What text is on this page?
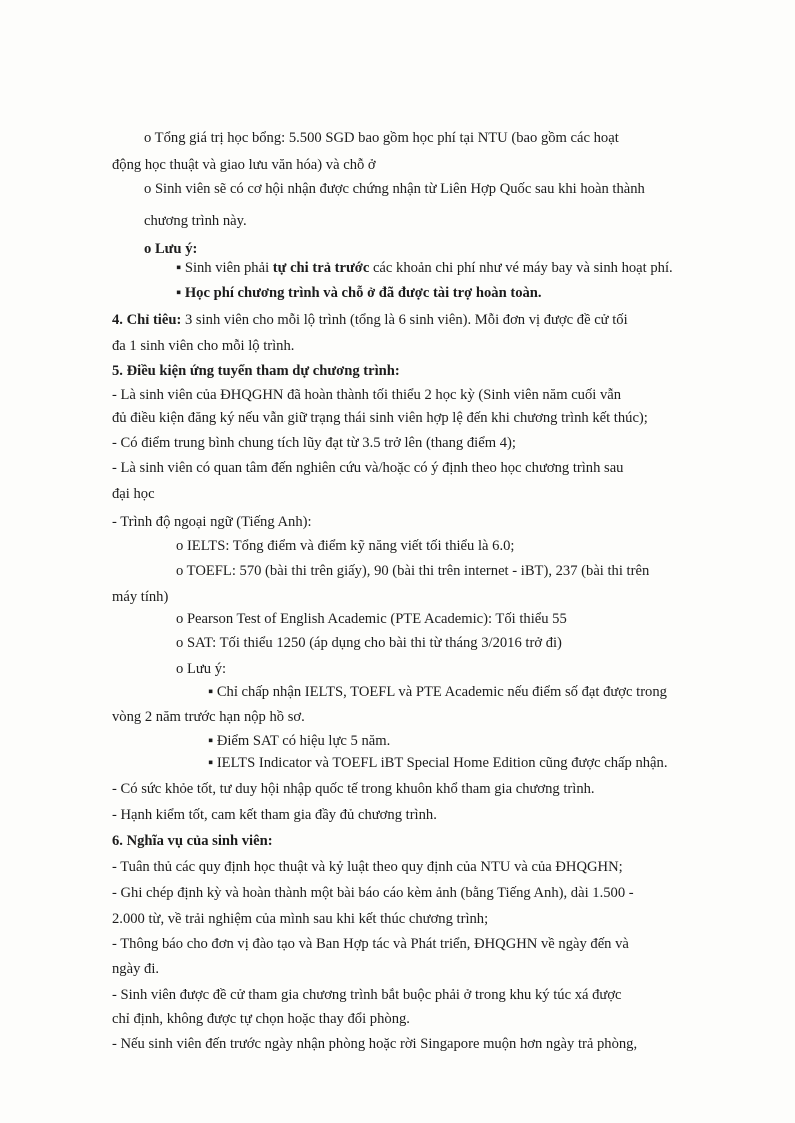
o Tổng giá trị học bổng: 5.500 SGD bao gồm học phí tại NTU (bao gồm các hoạt
động học thuật và giao lưu văn hóa) và chỗ ở
o Sinh viên sẽ có cơ hội nhận được chứng nhận từ Liên Hợp Quốc sau khi hoàn thành
chương trình này.
o Lưu ý:
▪ Sinh viên phải tự chi trả trước các khoản chi phí như vé máy bay và sinh hoạt phí.
▪ Học phí chương trình và chỗ ở đã được tài trợ hoàn toàn.
4. Chỉ tiêu: 3 sinh viên cho mỗi lộ trình (tổng là 6 sinh viên). Mỗi đơn vị được đề cử tối
đa 1 sinh viên cho mỗi lộ trình.
5. Điều kiện ứng tuyển tham dự chương trình:
- Là sinh viên của ĐHQGHN đã hoàn thành tối thiểu 2 học kỳ (Sinh viên năm cuối vẫn
đủ điều kiện đăng ký nếu vẫn giữ trạng thái sinh viên hợp lệ đến khi chương trình kết thúc);
- Có điểm trung bình chung tích lũy đạt từ 3.5 trở lên (thang điểm 4);
- Là sinh viên có quan tâm đến nghiên cứu và/hoặc có ý định theo học chương trình sau
đại học
- Trình độ ngoại ngữ (Tiếng Anh):
o IELTS: Tổng điểm và điểm kỹ năng viết tối thiểu là 6.0;
o TOEFL: 570 (bài thi trên giấy), 90 (bài thi trên internet - iBT), 237 (bài thi trên
máy tính)
o Pearson Test of English Academic (PTE Academic): Tối thiểu 55
o SAT: Tối thiểu 1250 (áp dụng cho bài thi từ tháng 3/2016 trở đi)
o Lưu ý:
▪ Chỉ chấp nhận IELTS, TOEFL và PTE Academic nếu điểm số đạt được trong
vòng 2 năm trước hạn nộp hồ sơ.
▪ Điểm SAT có hiệu lực 5 năm.
▪ IELTS Indicator và TOEFL iBT Special Home Edition cũng được chấp nhận.
- Có sức khỏe tốt, tư duy hội nhập quốc tế trong khuôn khổ tham gia chương trình.
- Hạnh kiểm tốt, cam kết tham gia đầy đủ chương trình.
6. Nghĩa vụ của sinh viên:
- Tuân thủ các quy định học thuật và kỷ luật theo quy định của NTU và của ĐHQGHN;
- Ghi chép định kỳ và hoàn thành một bài báo cáo kèm ảnh (bằng Tiếng Anh), dài 1.500 -
2.000 từ, về trải nghiệm của mình sau khi kết thúc chương trình;
- Thông báo cho đơn vị đào tạo và Ban Hợp tác và Phát triển, ĐHQGHN về ngày đến và
ngày đi.
- Sinh viên được đề cử tham gia chương trình bắt buộc phải ở trong khu ký túc xá được
chỉ định, không được tự chọn hoặc thay đổi phòng.
- Nếu sinh viên đến trước ngày nhận phòng hoặc rời Singapore muộn hơn ngày trả phòng,
